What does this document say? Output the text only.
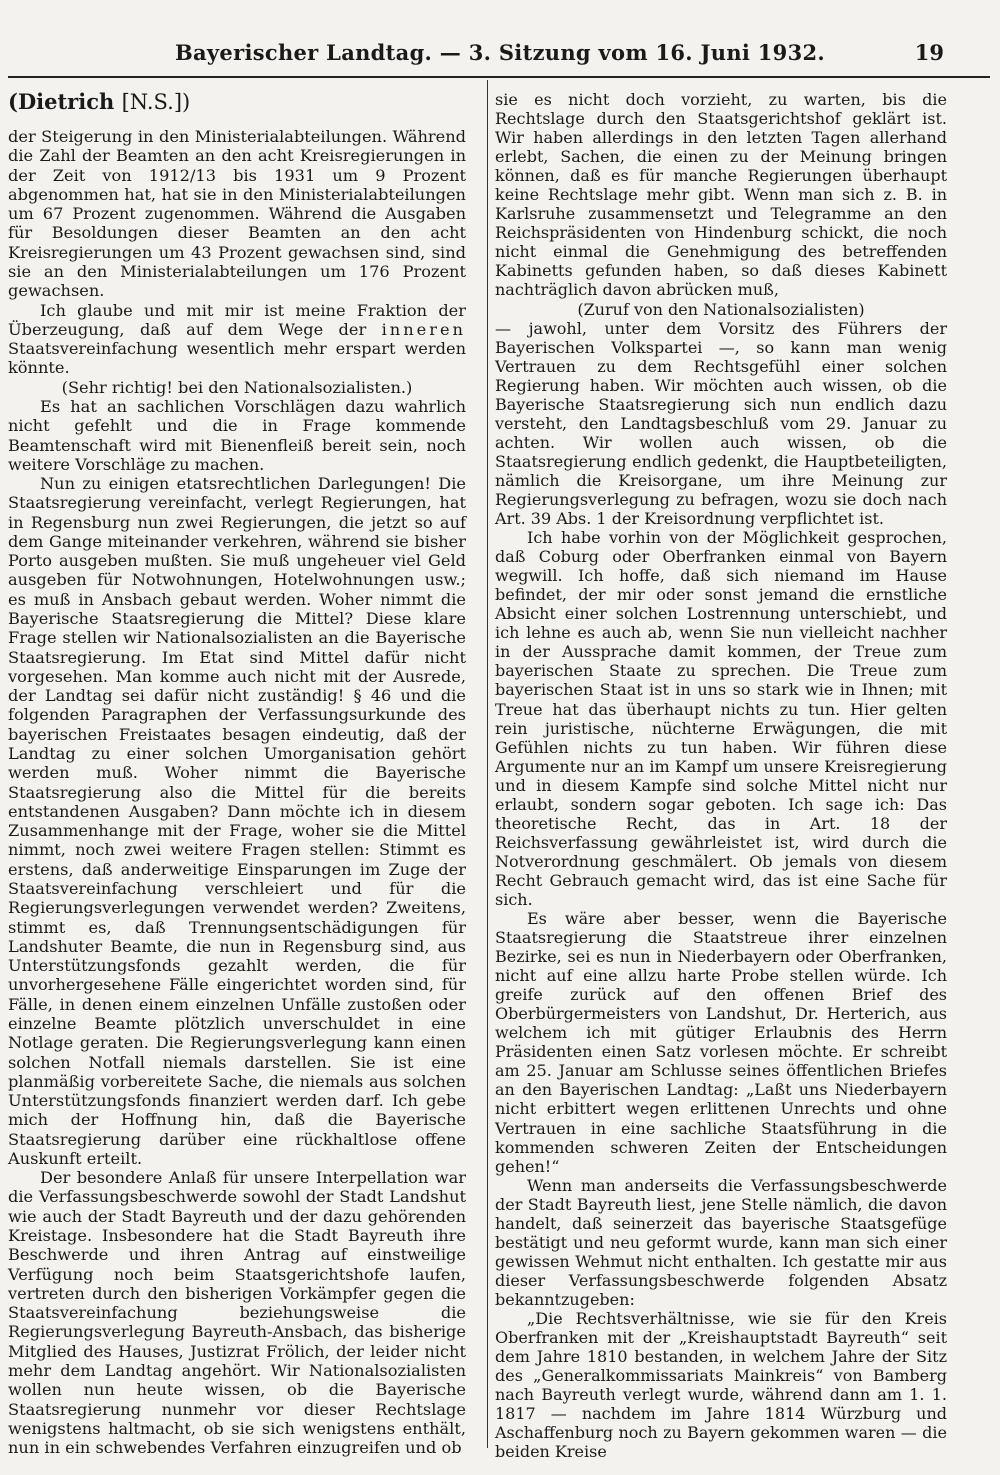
Bayerischer Landtag. — 3. Sitzung vom 16. Juni 1932.	19
(Dietrich [N.S.])

der Steigerung in den Ministerialabteilungen. Während die Zahl der Beamten an den acht Kreisregierungen in der Zeit von 1912/13 bis 1931 um 9 Prozent abgenommen hat, hat sie in den Ministerialabteilungen um 67 Prozent zugenommen. Während die Ausgaben für Besoldungen dieser Beamten an den acht Kreisregierungen um 43 Prozent gewachsen sind, sind sie an den Ministerialabteilungen um 176 Prozent gewachsen.

Ich glaube und mit mir ist meine Fraktion der Überzeugung, daß auf dem Wege der inneren Staatsvereinfachung wesentlich mehr erspart werden könnte.

(Sehr richtig! bei den Nationalsozialisten.)

Es hat an sachlichen Vorschlägen dazu wahrlich nicht gefehlt und die in Frage kommende Beamtenschaft wird mit Bienenfleiß bereit sein, noch weitere Vorschläge zu machen.

Nun zu einigen etatsrechtlichen Darlegungen! Die Staatsregierung vereinfacht, verlegt Regierungen, hat in Regensburg nun zwei Regierungen, die jetzt so auf dem Gange miteinander verkehren, während sie bisher Porto ausgeben mußten. Sie muß ungeheuer viel Geld ausgeben für Notwohnungen, Hotelwohnungen usw.; es muß in Ansbach gebaut werden. Woher nimmt die Bayerische Staatsregierung die Mittel? Diese klare Frage stellen wir Nationalsozialisten an die Bayerische Staatsregierung. Im Etat sind Mittel dafür nicht vorgesehen. Man komme auch nicht mit der Ausrede, der Landtag sei dafür nicht zuständig! § 46 und die folgenden Paragraphen der Verfassungsurkunde des bayerischen Freistaates besagen eindeutig, daß der Landtag zu einer solchen Umorganisation gehört werden muß. Woher nimmt die Bayerische Staatsregierung also die Mittel für die bereits entstandenen Ausgaben? Dann möchte ich in diesem Zusammenhange mit der Frage, woher sie die Mittel nimmt, noch zwei weitere Fragen stellen: Stimmt es erstens, daß anderweitige Einsparungen im Zuge der Staatsvereinfachung verschleiert und für die Regierungsverlegungen verwendet werden? Zweitens, stimmt es, daß Trennungsentschädigungen für Landshuter Beamte, die nun in Regensburg sind, aus Unterstützungsfonds gezahlt werden, die für unvorhergesehene Fälle eingerichtet worden sind, für Fälle, in denen einem einzelnen Unfälle zustoßen oder einzelne Beamte plötzlich unverschuldet in eine Notlage geraten. Die Regierungsverlegung kann einen solchen Notfall niemals darstellen. Sie ist eine planmäßig vorbereitete Sache, die niemals aus solchen Unterstützungsfonds finanziert werden darf. Ich gebe mich der Hoffnung hin, daß die Bayerische Staatsregierung darüber eine rückhaltlose offene Auskunft erteilt.

Der besondere Anlaß für unsere Interpellation war die Verfassungsbeschwerde sowohl der Stadt Landshut wie auch der Stadt Bayreuth und der dazu gehörenden Kreistage. Insbesondere hat die Stadt Bayreuth ihre Beschwerde und ihren Antrag auf einstweilige Verfügung noch beim Staatsgerichtshofe laufen, vertreten durch den bisherigen Vorkämpfer gegen die Staatsvereinfachung beziehungsweise die Regierungsverlegung Bayreuth-Ansbach, das bisherige Mitglied des Hauses, Justizrat Frölich, der leider nicht mehr dem Landtag angehört. Wir Nationalsozialisten wollen nun heute wissen, ob die Bayerische Staatsregierung nunmehr vor dieser Rechtslage wenigstens haltmacht, ob sie sich wenigstens enthält, nun in ein schwebendes Verfahren einzugreifen und ob

sie es nicht doch vorzieht, zu warten, bis die Rechtslage durch den Staatsgerichtshof geklärt ist. Wir haben allerdings in den letzten Tagen allerhand erlebt, Sachen, die einen zu der Meinung bringen können, daß es für manche Regierungen überhaupt keine Rechtslage mehr gibt. Wenn man sich z. B. in Karlsruhe zusammensetzt und Telegramme an den Reichspräsidenten von Hindenburg schickt, die noch nicht einmal die Genehmigung des betreffenden Kabinetts gefunden haben, so daß dieses Kabinett nachträglich davon abrücken muß,

(Zuruf von den Nationalsozialisten)

— jawohl, unter dem Vorsitz des Führers der Bayerischen Volkspartei —, so kann man wenig Vertrauen zu dem Rechtsgefühl einer solchen Regierung haben. Wir möchten auch wissen, ob die Bayerische Staatsregierung sich nun endlich dazu versteht, den Landtagsbeschluß vom 29. Januar zu achten. Wir wollen auch wissen, ob die Staatsregierung endlich gedenkt, die Hauptbeteiligten, nämlich die Kreisorgane, um ihre Meinung zur Regierungsverlegung zu befragen, wozu sie doch nach Art. 39 Abs. 1 der Kreisordnung verpflichtet ist.

Ich habe vorhin von der Möglichkeit gesprochen, daß Coburg oder Oberfranken einmal von Bayern wegwill. Ich hoffe, daß sich niemand im Hause befindet, der mir oder sonst jemand die ernstliche Absicht einer solchen Lostrennung unterschiebt, und ich lehne es auch ab, wenn Sie nun vielleicht nachher in der Aussprache damit kommen, der Treue zum bayerischen Staate zu sprechen. Die Treue zum bayerischen Staat ist in uns so stark wie in Ihnen; mit Treue hat das überhaupt nichts zu tun. Hier gelten rein juristische, nüchterne Erwägungen, die mit Gefühlen nichts zu tun haben. Wir führen diese Argumente nur an im Kampf um unsere Kreisregierung und in diesem Kampfe sind solche Mittel nicht nur erlaubt, sondern sogar geboten. Ich sage ich: Das theoretische Recht, das in Art. 18 der Reichsverfassung gewährleistet ist, wird durch die Notverordnung geschmälert. Ob jemals von diesem Recht Gebrauch gemacht wird, das ist eine Sache für sich.

Es wäre aber besser, wenn die Bayerische Staatsregierung die Staatstreue ihrer einzelnen Bezirke, sei es nun in Niederbayern oder Oberfranken, nicht auf eine allzu harte Probe stellen würde. Ich greife zurück auf den offenen Brief des Oberbürgermeisters von Landshut, Dr. Herterich, aus welchem ich mit gütiger Erlaubnis des Herrn Präsidenten einen Satz vorlesen möchte. Er schreibt am 25. Januar am Schlusse seines öffentlichen Briefes an den Bayerischen Landtag: „Laßt uns Niederbayern nicht erbittert wegen erlittenen Unrechts und ohne Vertrauen in eine sachliche Staatsführung in die kommenden schweren Zeiten der Entscheidungen gehen!“

Wenn man anderseits die Verfassungsbeschwerde der Stadt Bayreuth liest, jene Stelle nämlich, die davon handelt, daß seinerzeit das bayerische Staatsgefüge bestätigt und neu geformt wurde, kann man sich einer gewissen Wehmut nicht enthalten. Ich gestatte mir aus dieser Verfassungsbeschwerde folgenden Absatz bekanntzugeben:

„Die Rechtsverhältnisse, wie sie für den Kreis Oberfranken mit der „Kreishauptstadt Bayreuth“ seit dem Jahre 1810 bestanden, in welchem Jahre der Sitz des „Generalkommissariats Mainkreis“ von Bamberg nach Bayreuth verlegt wurde, während dann am 1. 1. 1817 — nachdem im Jahre 1814 Würzburg und Aschaffenburg noch zu Bayern gekommen waren — die beiden Kreise
